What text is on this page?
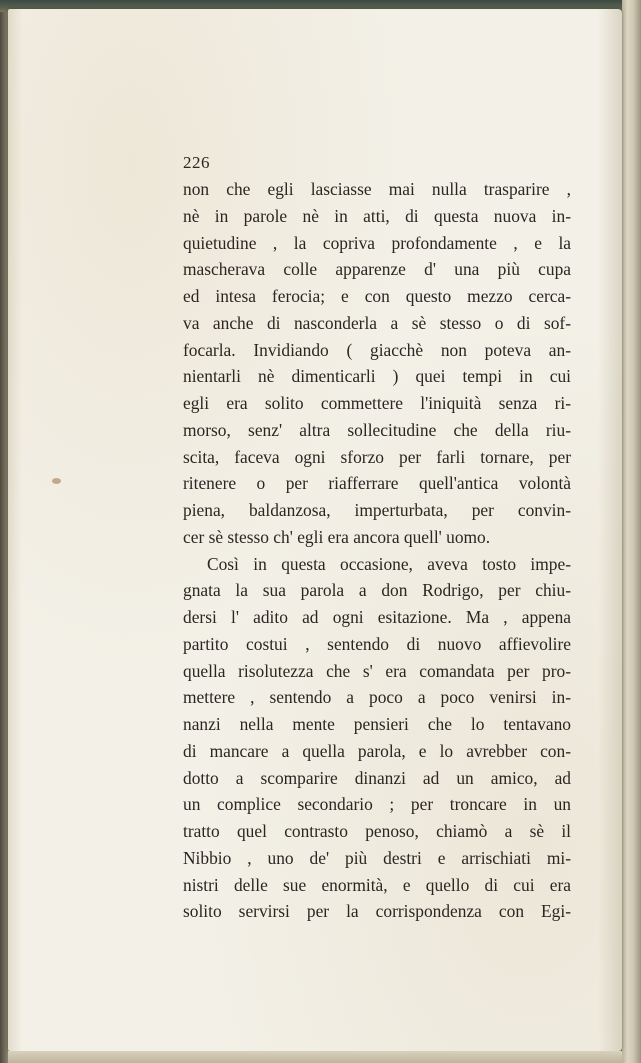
226
non che egli lasciasse mai nulla trasparire ,
nè in parole nè in atti, di questa nuova in-
quietudine , la copriva profondamente , e la
mascherava colle apparenze d' una più cupa
ed intesa ferocia; e con questo mezzo cerca-
va anche di nasconderla a sè stesso o di sof-
focarla. Invidiando ( giacchè non poteva an-
nientarli nè dimenticarli ) quei tempi in cui
egli era solito commettere l'iniquità senza ri-
morso, senz' altra sollecitudine che della riu-
scita, faceva ogni sforzo per farli tornare, per
ritenere o per riafferrare quell'antica volontà
piena, baldanzosa, imperturbata, per convin-
cer sè stesso ch' egli era ancora quell' uomo.
Così in questa occasione, aveva tosto impe-
gnata la sua parola a don Rodrigo, per chiu-
dersi l' adito ad ogni esitazione. Ma , appena
partito costui , sentendo di nuovo affievolire
quella risolutezza che s' era comandata per pro-
mettere , sentendo a poco a poco venirsi in-
nanzi nella mente pensieri che lo tentavano
di mancare a quella parola, e lo avrebber con-
dotto a scomparire dinanzi ad un amico, ad
un complice secondario ; per troncare in un
tratto quel contrasto penoso, chiamò a sè il
Nibbio , uno de' più destri e arrischiati mi-
nistri delle sue enormità, e quello di cui era
solito servirsi per la corrispondenza con Egi-
